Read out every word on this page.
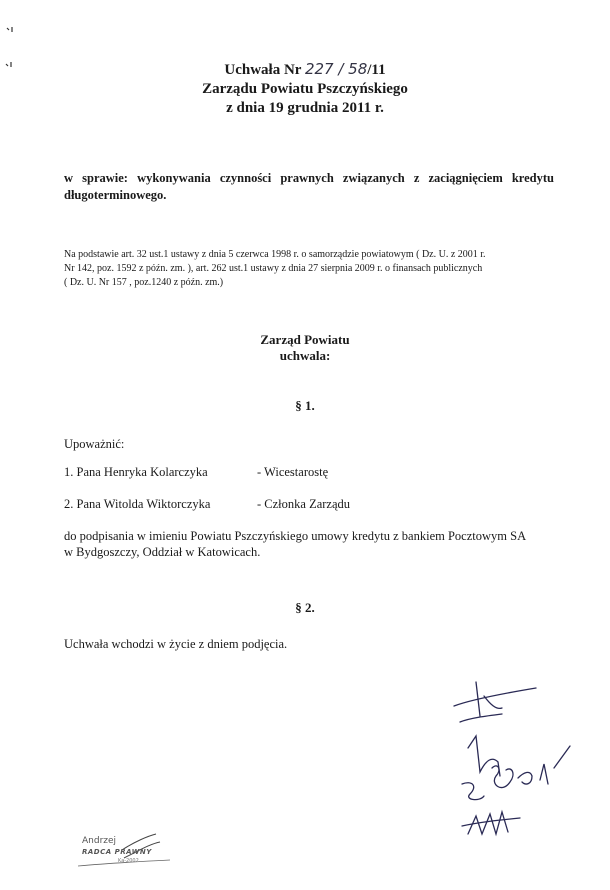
Uchwała Nr 227 / 58/11
Zarządu Powiatu Pszczyńskiego
z dnia 19 grudnia 2011 r.
w sprawie: wykonywania czynności prawnych związanych z zaciągnięciem kredytu długoterminowego.
Na podstawie art. 32 ust.1 ustawy z dnia 5 czerwca 1998 r. o samorządzie powiatowym ( Dz. U. z 2001 r.
Nr 142, poz. 1592 z późn. zm. ), art. 262 ust.1 ustawy z dnia 27 sierpnia 2009 r. o finansach publicznych
( Dz. U. Nr 157 , poz.1240 z późn. zm.)
Zarząd Powiatu
uchwala:
§ 1.
Upoważnić:
1. Pana Henryka Kolarczyka	- Wicestarostę
2. Pana Witolda Wiktorczyka	- Członka Zarządu
do podpisania w imieniu Powiatu Pszczyńskiego umowy kredytu z bankiem Pocztowym SA
w Bydgoszczy, Oddział w Katowicach.
§ 2.
Uchwała wchodzi w życie z dniem podjęcia.
Andrzej
RADCA PRAWNY
Ka-2002
